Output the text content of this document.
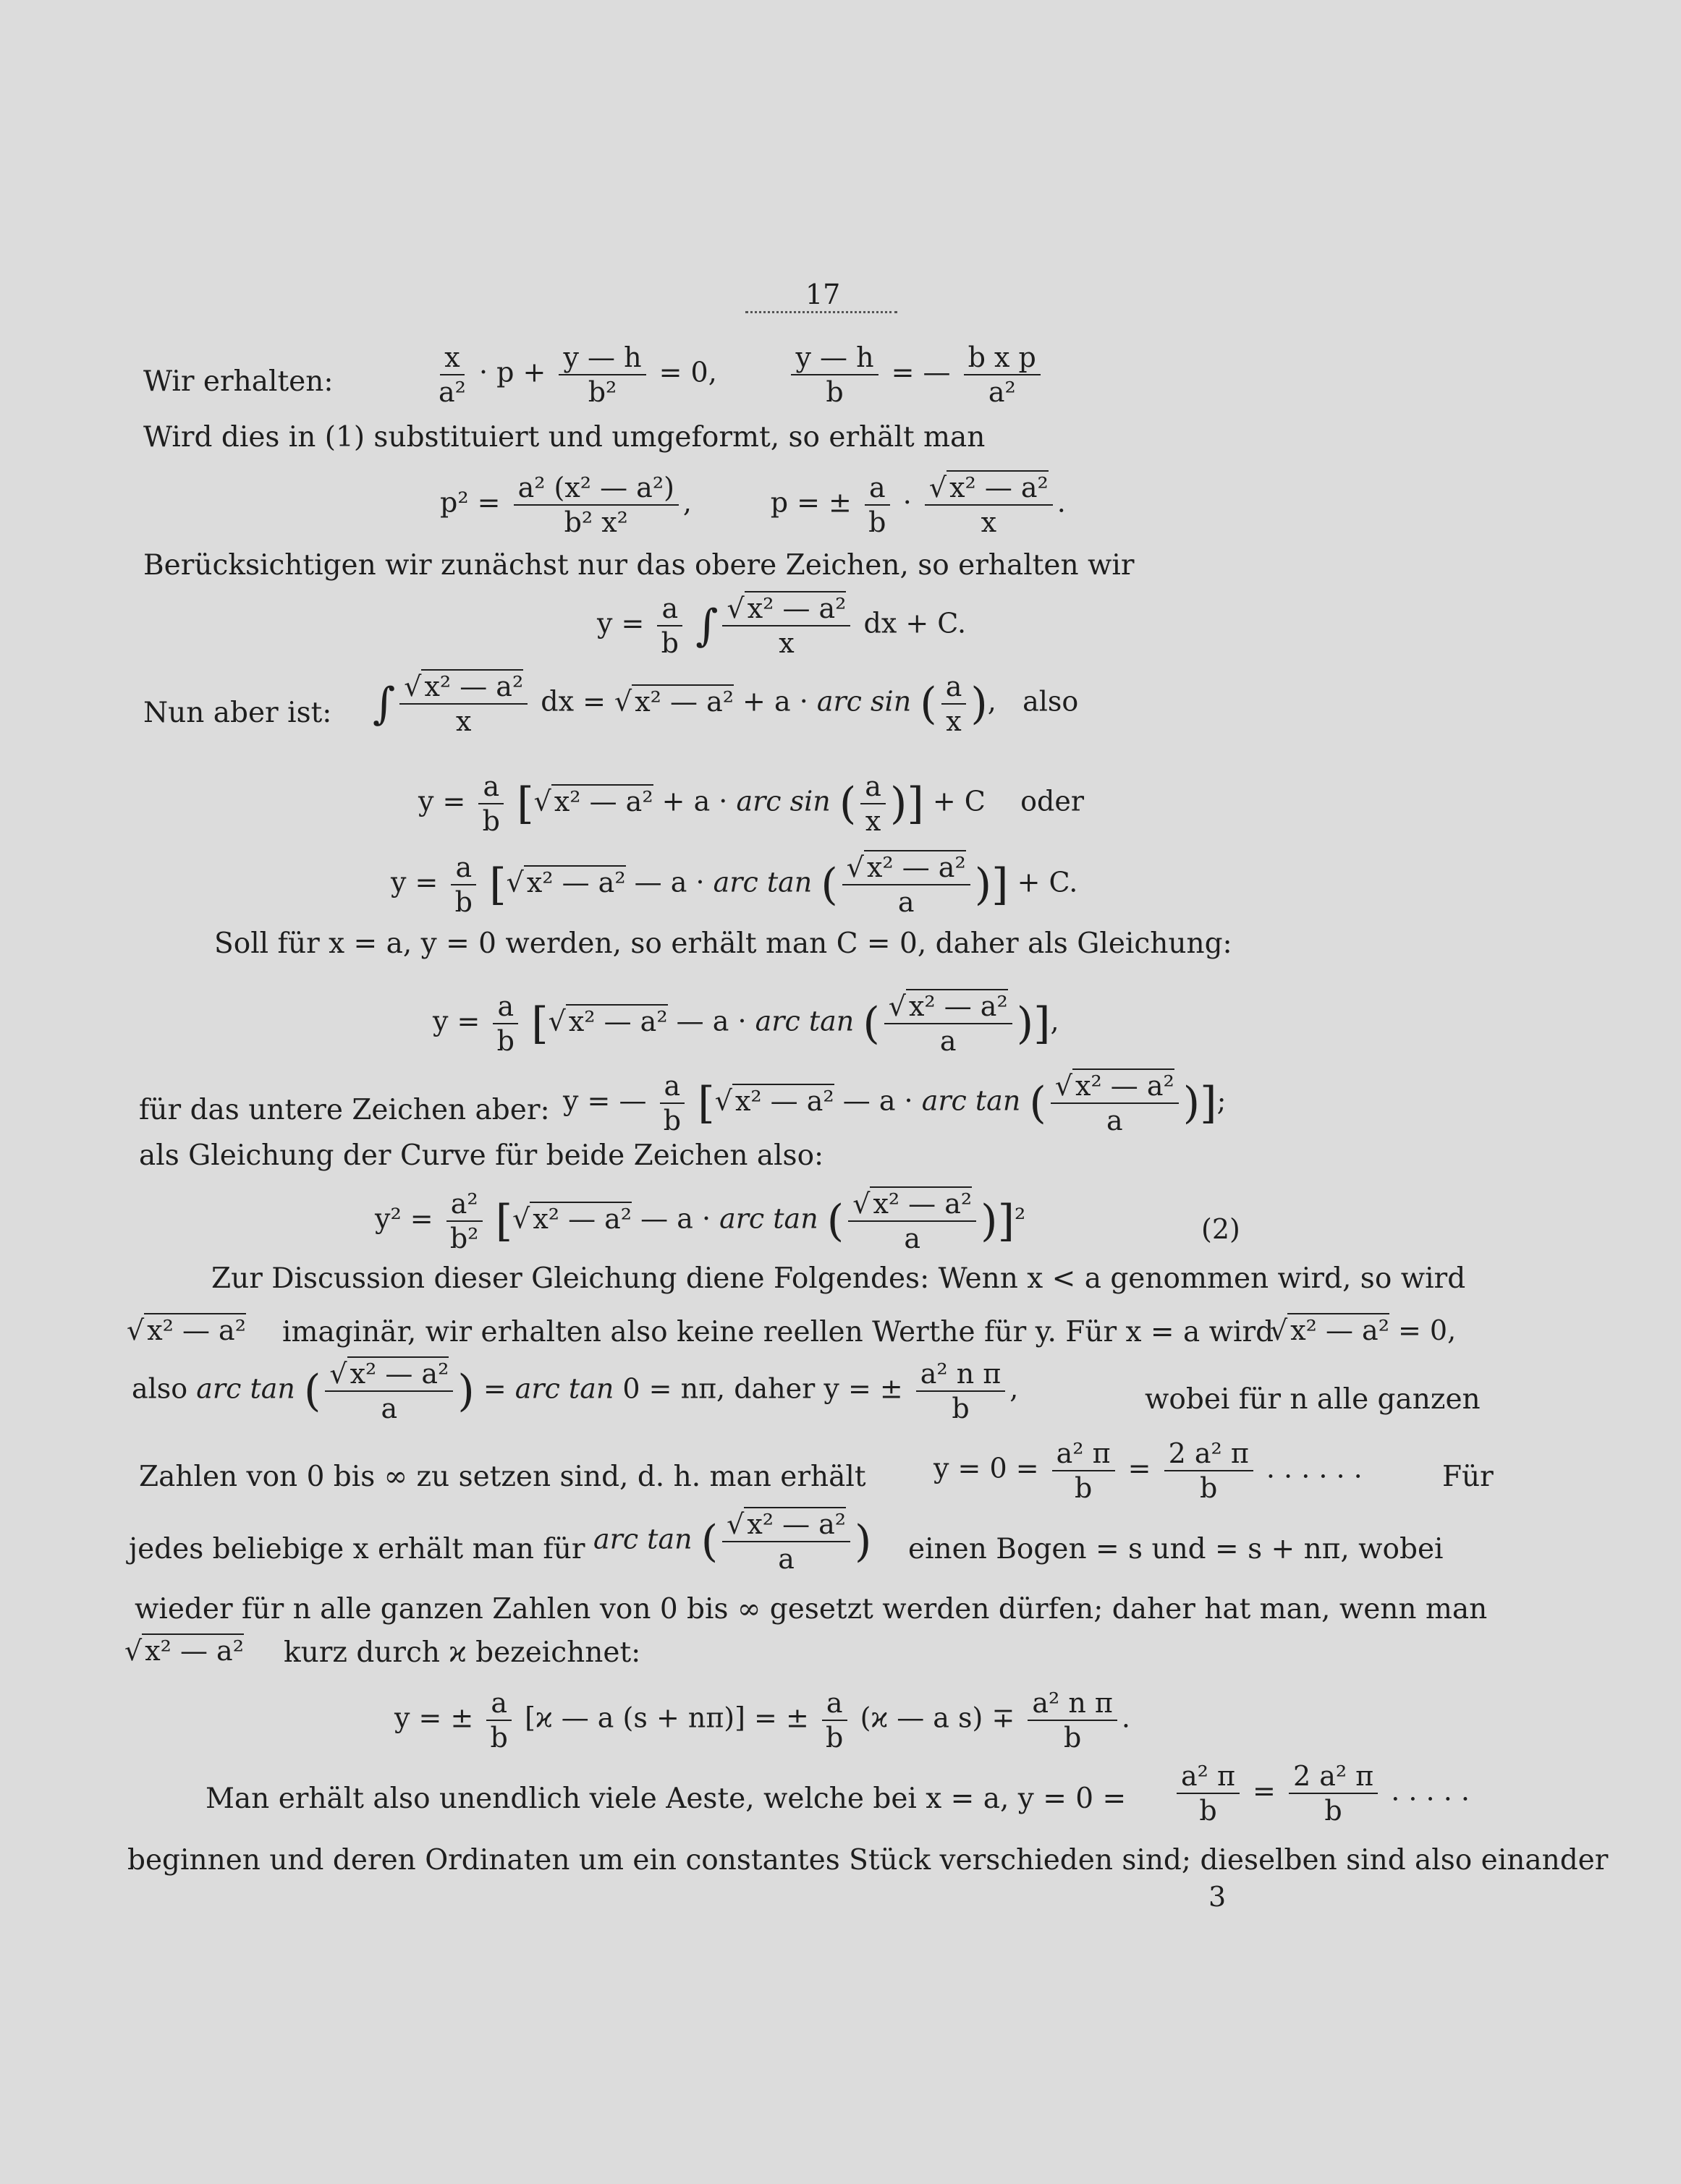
17
Wir erhalten:	$\frac{x}{\text{a²}} \cdot p + \frac{y — h}{\text{b²}} = 0$, $\frac{y — h}{b}$ = — $\frac{\text{b x p}}{\text{a²}}$
Wird dies in (1) substituiert und umgeformt, so erhält man
$p^2 = \frac{\text{a² (x² — a²)}}{\text{b² x²}}$ ,         p = ± $\frac{a}{b} \cdot \frac{\text{√ x² — a²}}{x}$ .
Berücksichtigen wir zunächst nur das obere Zeichen, so erhalten wir
$y = \frac{a}{b}$ ∫ $\frac{\text{√ x² — a²}}{x}$ dx + C.
Nun aber ist: ∫ $\frac{\text{√ x² — a²}}{x}$ dx = √ x² — a² + a · arc sin ( $\frac{a}{x}$ ),   also
$y = \frac{a}{b}$ [√ x² — a² + a · arc sin ( $\frac{a}{x}$ )] + C    oder
$y = \frac{a}{b}$ [√ x² — a² — a · arc tan ( $\frac{\text{√ x² — a²}}{a}$ )] + C.
Soll für x = a, y = 0 werden, so erhält man C = 0, daher als Gleichung:
$y = \frac{a}{b}$ [√ x² — a² — a · arc tan ( $\frac{\text{√ x² — a²}}{a}$ )],
für das untere Zeichen aber: y = — $\frac{a}{b}$ [√ x² — a² — a · arc tan ( $\frac{\text{√ x² — a²}}{a}$ )];
als Gleichung der Curve für beide Zeichen also:
$y^2 = \frac{\text{a²}}{\text{b²}}$ [√ x² — a² — a · arc tan ( $\frac{\text{√ x² — a²}}{a} )]^2$	(2)
Zur Discussion dieser Gleichung diene Folgendes: Wenn x < a genommen wird, so wird
√ x² — a² imaginär, wir erhalten also keine reellen Werthe für y. Für x = a wird
√ x² — a² = 0,
also arc tan ( $\frac{\text{√ x² — a²}}{a}$ ) = arc tan 0 = nπ, daher y = ± $\frac{\text{a² n π}}{b}$ ,	wobei für n alle ganzen
Zahlen von 0 bis ∞ zu setzen sind, d. h. man erhält $y = 0 = \frac{\text{a² π}}{b} = \frac{\text{2 a² π}}{b}$ . . . . . .	Für
jedes beliebige x erhält man für arc tan ( $\frac{\text{√ x² — a²}}{a}$ ) einen Bogen = s und = s + nπ, wobei
wieder für n alle ganzen Zahlen von 0 bis ∞ gesetzt werden dürfen; daher hat man, wenn man
√ x² — a² kurz durch ϰ bezeichnet:
y = ± $\frac{a}{b} [ϰ$ — a (s + nπ)] = ± $\frac{a}{b} (ϰ$ — a $s) \mp \frac{\text{a² n π}}{b}$ .
Man erhält also unendlich viele Aeste, welche bei x = a, $y = 0 = \frac{\text{a² π}}{b} = \frac{\text{2 a² π}}{b}$ . . . . .
beginnen und deren Ordinaten um ein constantes Stück verschieden sind; dieselben sind also einander
3
